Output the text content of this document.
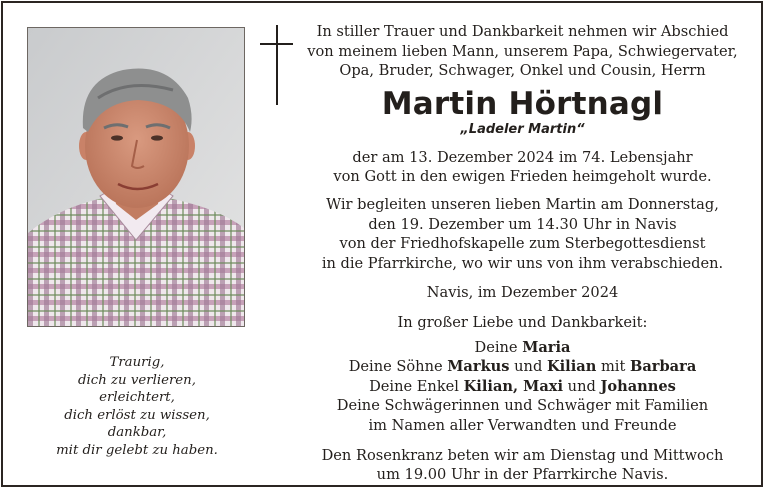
Traurig,
dich zu verlieren,
erleichtert,
dich erlöst zu wissen,
dankbar,
mit dir gelebt zu haben.
In stiller Trauer und Dankbarkeit nehmen wir Abschied
von meinem lieben Mann, unserem Papa, Schwiegervater,
Opa, Bruder, Schwager, Onkel und Cousin, Herrn
Martin Hörtnagl
„Ladeler Martin“
der am 13. Dezember 2024 im 74. Lebensjahr
von Gott in den ewigen Frieden heimgeholt wurde.
Wir begleiten unseren lieben Martin am Donnerstag,
den 19. Dezember um 14.30 Uhr in Navis
von der Friedhofskapelle zum Sterbegottesdienst
in die Pfarrkirche, wo wir uns von ihm verabschieden.
Navis, im Dezember 2024
In großer Liebe und Dankbarkeit:
Deine Maria
Deine Söhne Markus und Kilian mit Barbara
Deine Enkel Kilian, Maxi und Johannes
Deine Schwägerinnen und Schwäger mit Familien
im Namen aller Verwandten und Freunde
Den Rosenkranz beten wir am Dienstag und Mittwoch
um 19.00 Uhr in der Pfarrkirche Navis.
